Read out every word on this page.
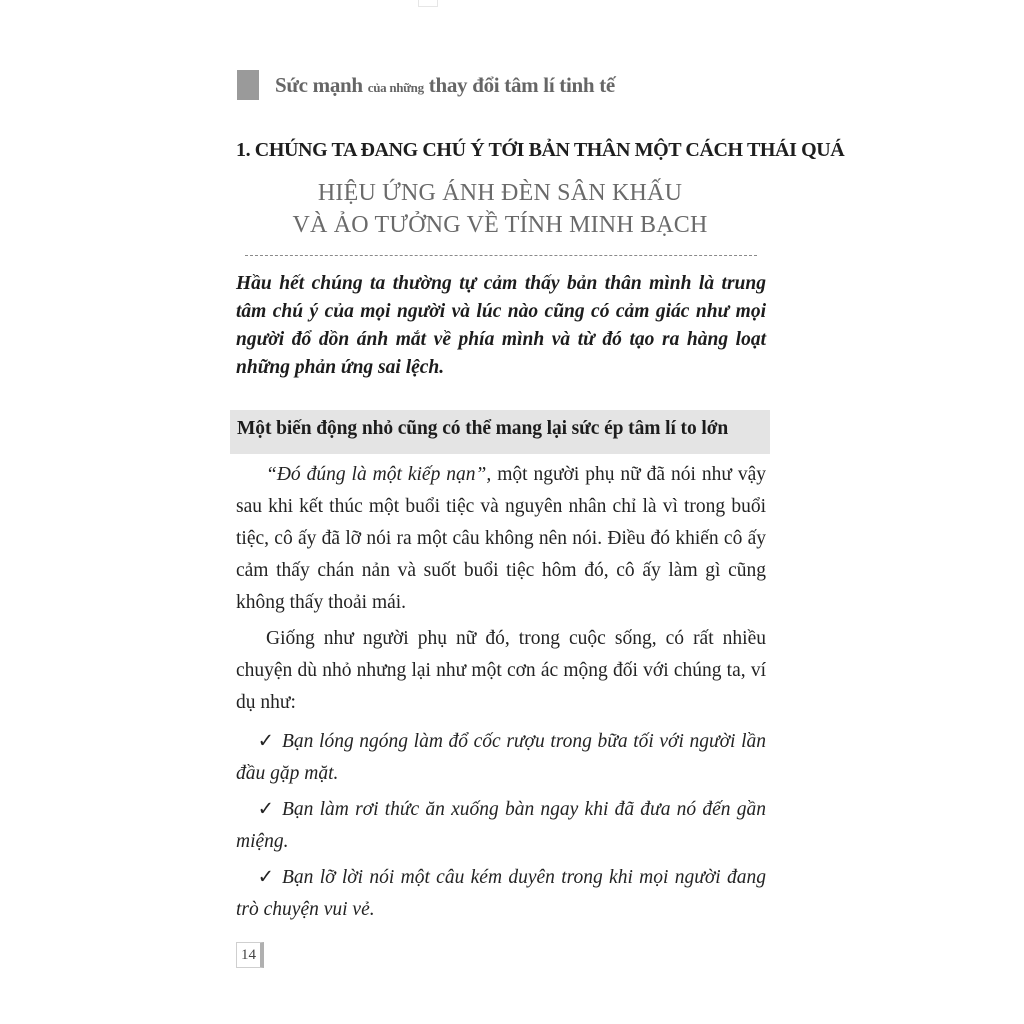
Sức mạnh của những thay đổi tâm lí tinh tế
1. CHÚNG TA ĐANG CHÚ Ý TỚI BẢN THÂN MỘT CÁCH THÁI QUÁ
HIỆU ỨNG ÁNH ĐÈN SÂN KHẤU
VÀ ẢO TƯỞNG VỀ TÍNH MINH BẠCH
Hầu hết chúng ta thường tự cảm thấy bản thân mình là trung tâm chú ý của mọi người và lúc nào cũng có cảm giác như mọi người đổ dồn ánh mắt về phía mình và từ đó tạo ra hàng loạt những phản ứng sai lệch.
Một biến động nhỏ cũng có thể mang lại sức ép tâm lí to lớn
“Đó đúng là một kiếp nạn”, một người phụ nữ đã nói như vậy sau khi kết thúc một buổi tiệc và nguyên nhân chỉ là vì trong buổi tiệc, cô ấy đã lỡ nói ra một câu không nên nói. Điều đó khiến cô ấy cảm thấy chán nản và suốt buổi tiệc hôm đó, cô ấy làm gì cũng không thấy thoải mái.
Giống như người phụ nữ đó, trong cuộc sống, có rất nhiều chuyện dù nhỏ nhưng lại như một cơn ác mộng đối với chúng ta, ví dụ như:
✓ Bạn lóng ngóng làm đổ cốc rượu trong bữa tối với người lần đầu gặp mặt.
✓ Bạn làm rơi thức ăn xuống bàn ngay khi đã đưa nó đến gần miệng.
✓ Bạn lỡ lời nói một câu kém duyên trong khi mọi người đang trò chuyện vui vẻ.
14
